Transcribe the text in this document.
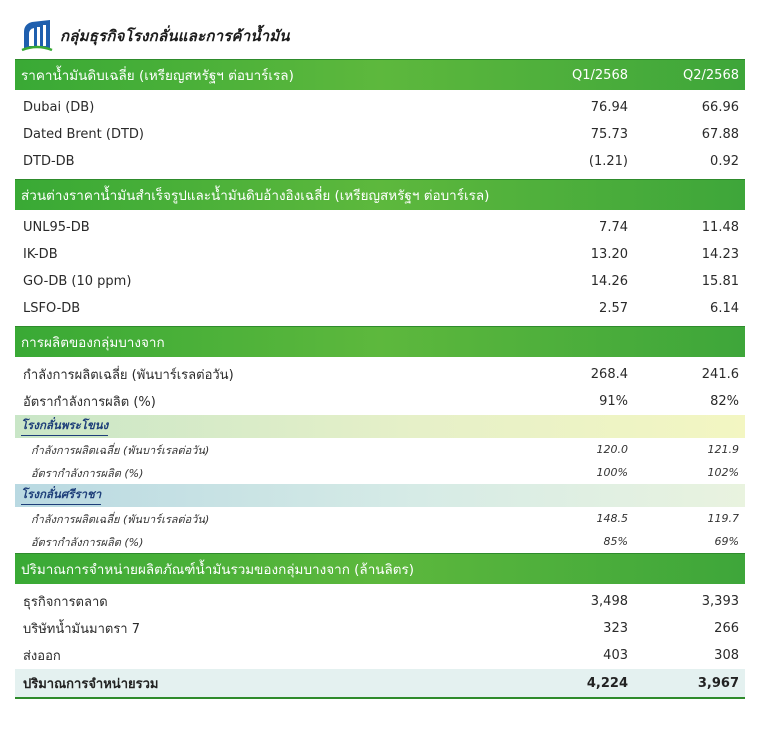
กลุ่มธุรกิจโรงกลั่นและการค้าน้ำมัน
ราคาน้ำมันดิบเฉลี่ย (เหรียญสหรัฐฯ ต่อบาร์เรล)	Q1/2568	Q2/2568
Dubai (DB)	76.94	66.96
Dated Brent (DTD)	75.73	67.88
DTD-DB	(1.21)	0.92
ส่วนต่างราคาน้ำมันสำเร็จรูปและน้ำมันดิบอ้างอิงเฉลี่ย (เหรียญสหรัฐฯ ต่อบาร์เรล)
UNL95-DB	7.74	11.48
IK-DB	13.20	14.23
GO-DB (10 ppm)	14.26	15.81
LSFO-DB	2.57	6.14
การผลิตของกลุ่มบางจาก
กำลังการผลิตเฉลี่ย (พันบาร์เรลต่อวัน)	268.4	241.6
อัตรากำลังการผลิต (%)	91%	82%
โรงกลั่นพระโขนง
กำลังการผลิตเฉลี่ย (พันบาร์เรลต่อวัน)	120.0	121.9
อัตรากำลังการผลิต (%)	100%	102%
โรงกลั่นศรีราชา
กำลังการผลิตเฉลี่ย (พันบาร์เรลต่อวัน)	148.5	119.7
อัตรากำลังการผลิต (%)	85%	69%
ปริมาณการจำหน่ายผลิตภัณฑ์น้ำมันรวมของกลุ่มบางจาก (ล้านลิตร)
ธุรกิจการตลาด	3,498	3,393
บริษัทน้ำมันมาตรา 7	323	266
ส่งออก	403	308
ปริมาณการจำหน่ายรวม	4,224	3,967
